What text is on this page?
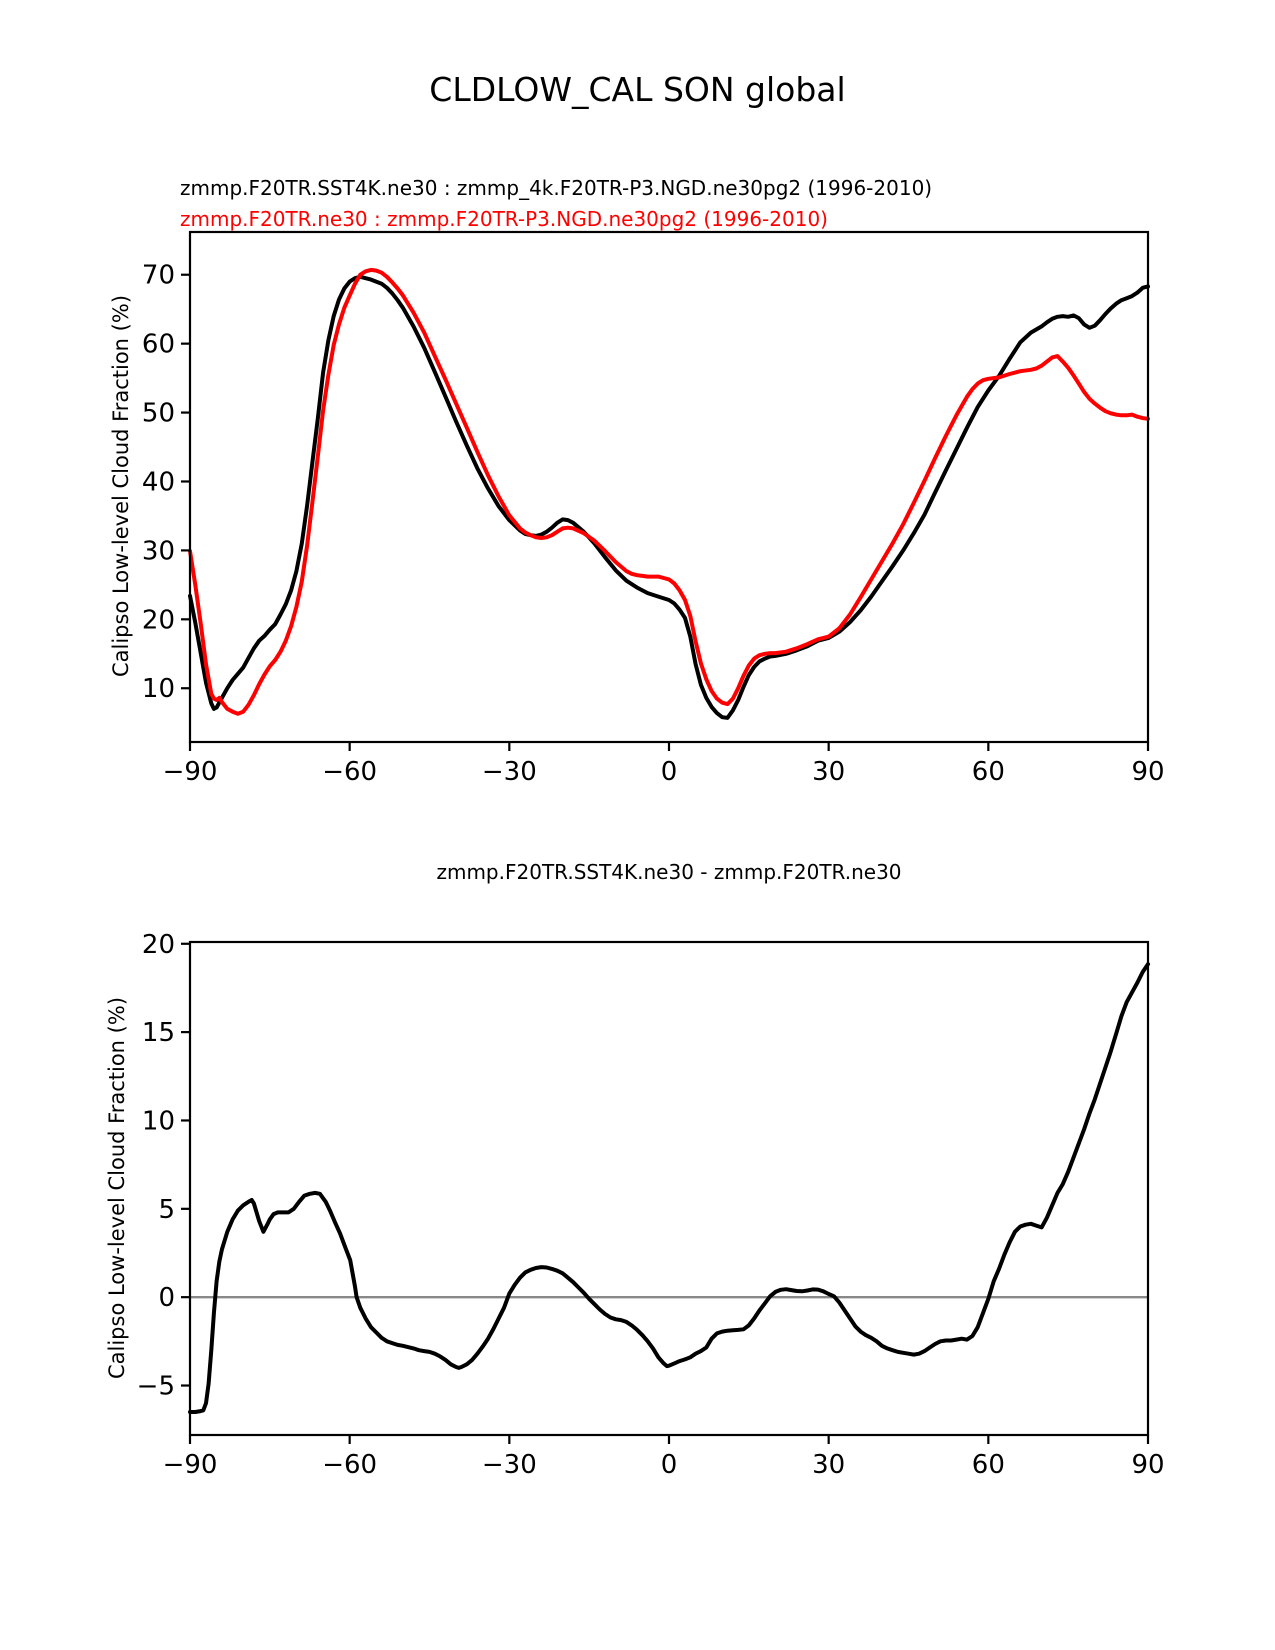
CLDLOW_CAL SON global
zmmp.F20TR.SST4K.ne30 : zmmp_4k.F20TR-P3.NGD.ne30pg2 (1996-2010)
zmmp.F20TR.ne30 : zmmp.F20TR-P3.NGD.ne30pg2 (1996-2010)
Calipso Low-level Cloud Fraction (%)
zmmp.F20TR.SST4K.ne30 - zmmp.F20TR.ne30
Calipso Low-level Cloud Fraction (%)
−90	−60	−30	0	30	60	90
10
20
30
40
50
60
70
−90	−60	−30	0	30	60	90
−5
0
5
10
15
20
